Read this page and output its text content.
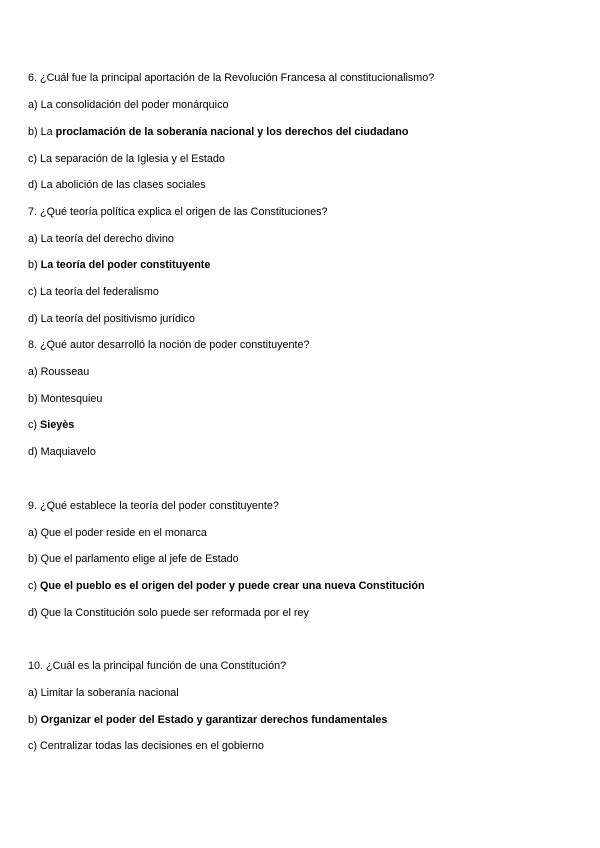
6. ¿Cuál fue la principal aportación de la Revolución Francesa al constitucionalismo?
a) La consolidación del poder monárquico
b) La proclamación de la soberanía nacional y los derechos del ciudadano
c) La separación de la Iglesia y el Estado
d) La abolición de las clases sociales
7. ¿Qué teoría política explica el origen de las Constituciones?
a) La teoría del derecho divino
b) La teoría del poder constituyente
c) La teoría del federalismo
d) La teoría del positivismo jurídico
8. ¿Qué autor desarrolló la noción de poder constituyente?
a) Rousseau
b) Montesquieu
c) Sieyès
d) Maquiavelo
9. ¿Qué establece la teoría del poder constituyente?
a) Que el poder reside en el monarca
b) Que el parlamento elige al jefe de Estado
c) Que el pueblo es el origen del poder y puede crear una nueva Constitución
d) Que la Constitución solo puede ser reformada por el rey
10. ¿Cuál es la principal función de una Constitución?
a) Limitar la soberanía nacional
b) Organizar el poder del Estado y garantizar derechos fundamentales
c) Centralizar todas las decisiones en el gobierno
